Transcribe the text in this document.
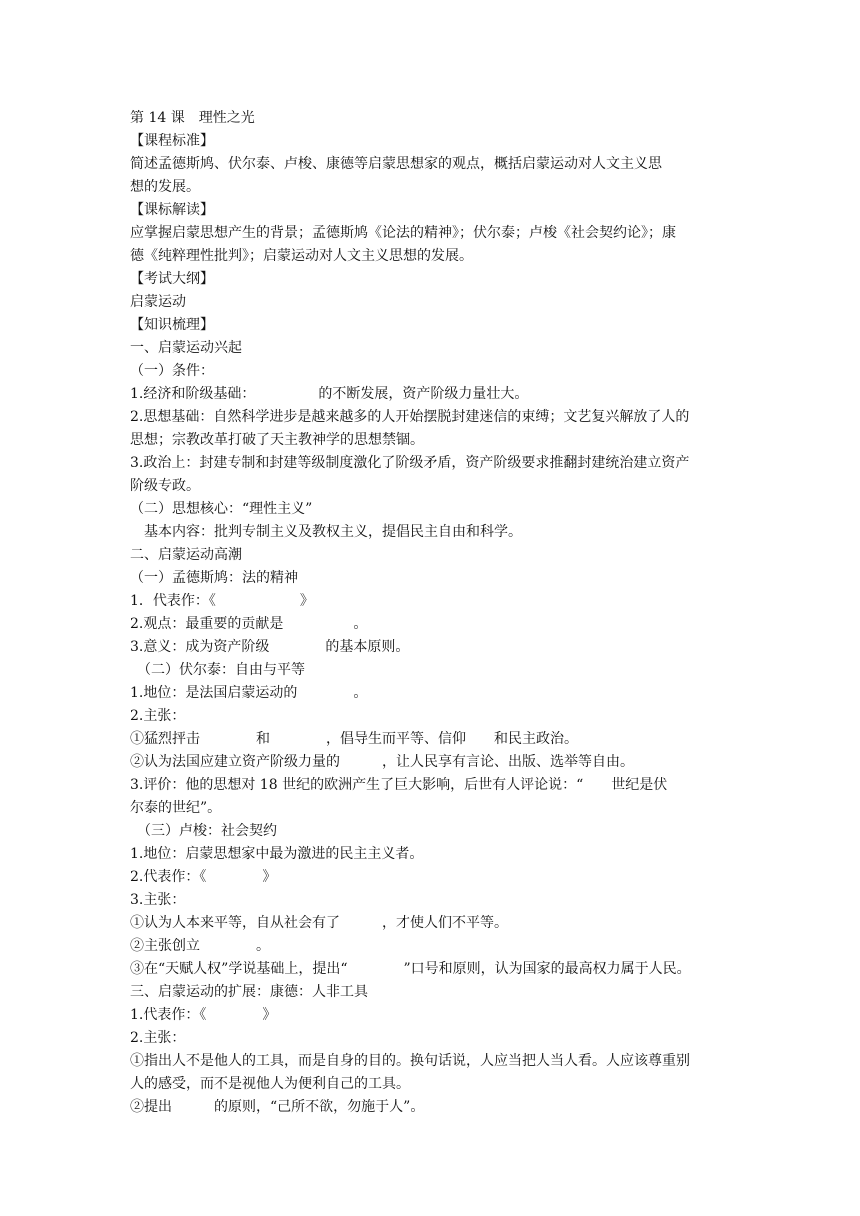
第 14 课　理性之光
【课程标准】
简述孟德斯鸠、伏尔泰、卢梭、康德等启蒙思想家的观点，概括启蒙运动对人文主义思
想的发展。
【课标解读】
应掌握启蒙思想产生的背景；孟德斯鸠《论法的精神》；伏尔泰；卢梭《社会契约论》；康
德《纯粹理性批判》；启蒙运动对人文主义思想的发展。
【考试大纲】
启蒙运动
【知识梳理】
一、启蒙运动兴起
（一）条件：
1.经济和阶级基础：　　　　　的不断发展，资产阶级力量壮大。
2.思想基础：自然科学进步是越来越多的人开始摆脱封建迷信的束缚；文艺复兴解放了人的
思想；宗教改革打破了天主教神学的思想禁锢。
3.政治上：封建专制和封建等级制度激化了阶级矛盾，资产阶级要求推翻封建统治建立资产
阶级专政。
（二）思想核心：“理性主义”
　基本内容：批判专制主义及教权主义，提倡民主自由和科学。
二、启蒙运动高潮
（一）孟德斯鸠：法的精神
1．代表作：《　　　　　　》
2.观点：最重要的贡献是　　　　　。
3.意义：成为资产阶级　　　　的基本原则。
　（二）伏尔泰：自由与平等
1.地位：是法国启蒙运动的　　　　。
2.主张：
①猛烈抨击　　　　和　　　　，倡导生而平等、信仰　　和民主政治。
②认为法国应建立资产阶级力量的　　　，让人民享有言论、出版、选举等自由。
3.评价：他的思想对 18 世纪的欧洲产生了巨大影响，后世有人评论说：“　　世纪是伏
尔泰的世纪”。
　（三）卢梭：社会契约
1.地位：启蒙思想家中最为激进的民主主义者。
2.代表作：《　　　　》
3.主张：
①认为人本来平等，自从社会有了　　　，才使人们不平等。
②主张创立　　　　。
③在“天赋人权”学说基础上，提出“　　　　”口号和原则，认为国家的最高权力属于人民。
三、启蒙运动的扩展：康德：人非工具
1.代表作：《　　　　》
2.主张：
①指出人不是他人的工具，而是自身的目的。换句话说，人应当把人当人看。人应该尊重别
人的感受，而不是视他人为便利自己的工具。
②提出　　　的原则，“己所不欲，勿施于人”。
